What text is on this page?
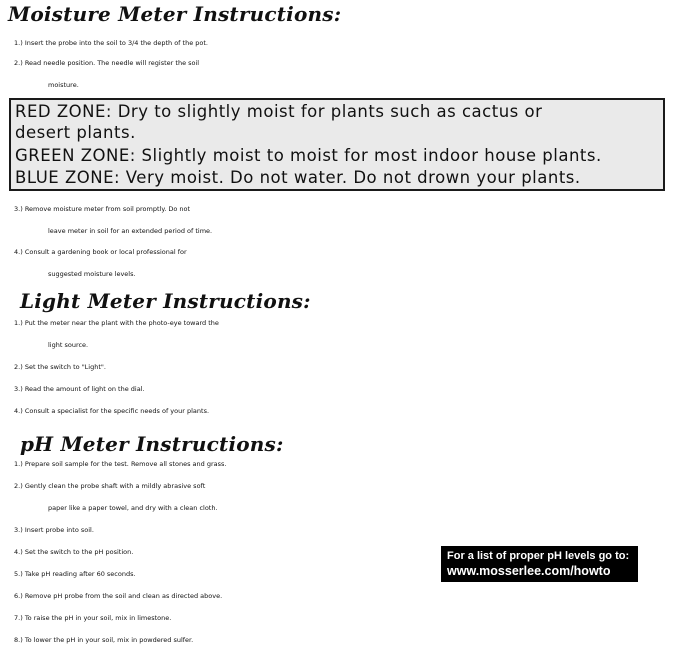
Moisture Meter Instructions:
1.) Insert the probe into the soil to 3/4 the depth of the pot.
2.) Read needle position. The needle will register the soil
moisture.
RED ZONE: Dry to slightly moist for plants such as cactus or
desert plants.
GREEN ZONE: Slightly moist to moist for most indoor house plants.
BLUE ZONE: Very moist. Do not water. Do not drown your plants.
3.) Remove moisture meter from soil promptly. Do not
leave meter in soil for an extended period of time.
4.) Consult a gardening book or local professional for
suggested moisture levels.
Light Meter Instructions:
1.) Put the meter near the plant with the photo-eye toward the
light source.
2.) Set the switch to "Light".
3.) Read the amount of light on the dial.
4.) Consult a specialist for the specific needs of your plants.
pH Meter Instructions:
1.) Prepare soil sample for the test. Remove all stones and grass.
2.) Gently clean the probe shaft with a mildly abrasive soft
paper like a paper towel, and dry with a clean cloth.
3.) Insert probe into soil.
4.) Set the switch to the pH position.
5.) Take pH reading after 60 seconds.
6.) Remove pH probe from the soil and clean as directed above.
7.) To raise the pH in your soil, mix in limestone.
8.) To lower the pH in your soil, mix in powdered sulfer.
For a list of proper pH levels go to:
www.mosserlee.com/howto
